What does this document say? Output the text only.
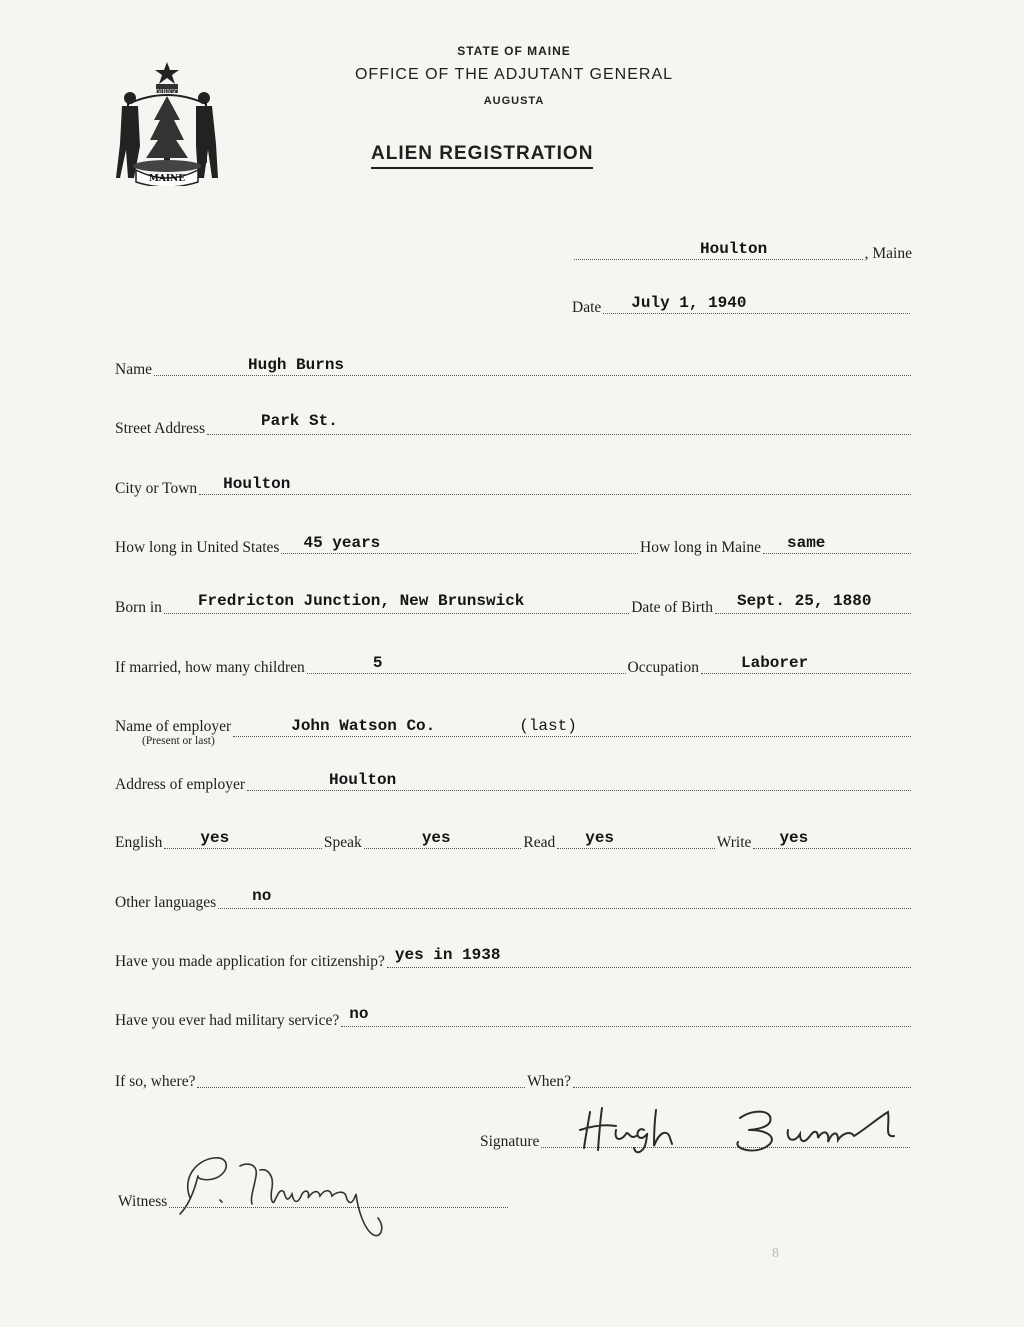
MAINE
DIRIGO
STATE OF MAINE
OFFICE OF THE ADJUTANT GENERAL
AUGUSTA
ALIEN REGISTRATION
Houlton	, Maine
Date July 1, 1940
Name	Hugh Burns
Street Address	Park St.
City or Town Houlton
How long in United States 45 years	How long in Maine same
Born in Fredricton Junction, New Brunswick	Date of Birth Sept. 25, 1880
If married, how many children	5	Occupation	Laborer
Name of employer
(Present or last)
John Watson Co.	(last)
Address of employer	Houlton
English yes	Speak	yes	Read yes	Write yes
Other languages no
Have you made application for citizenship? yes in 1938
Have you ever had military service? no
If so, where?	When?
Signature
Hugh Burns
Witness
P. Murray
8
